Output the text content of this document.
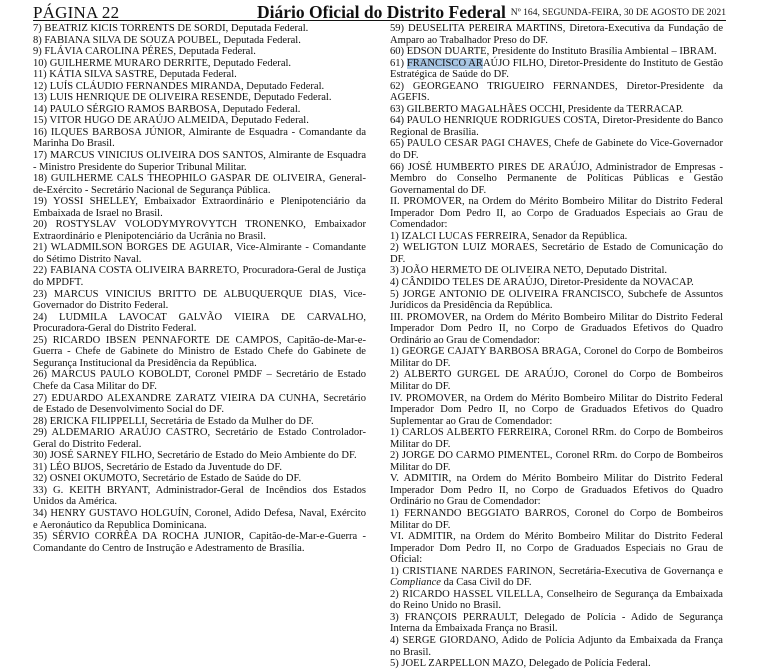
PÁGINA 22	Diário Oficial do Distrito Federal Nº 164, SEGUNDA-FEIRA, 30 DE AGOSTO DE 2021

7) BEATRIZ KICIS TORRENTS DE SORDI, Deputada Federal.

8) FABIANA SILVA DE SOUZA POUBEL, Deputada Federal.

9) FLÁVIA CAROLINA PÉRES, Deputada Federal.

10) GUILHERME MURARO DERRITE, Deputado Federal.

11) KÁTIA SILVA SASTRE, Deputada Federal.

12) LUÍS CLÁUDIO FERNANDES MIRANDA, Deputado Federal.

13) LUIS HENRIQUE DE OLIVEIRA RESENDE, Deputado Federal.

14) PAULO SÉRGIO RAMOS BARBOSA, Deputado Federal.

15) VITOR HUGO DE ARAÚJO ALMEIDA, Deputado Federal.

16) ILQUES BARBOSA JÚNIOR, Almirante de Esquadra - Comandante da Marinha Do Brasil.

17) MARCUS VINICIUS OLIVEIRA DOS SANTOS, Almirante de Esquadra - Ministro Presidente do Superior Tribunal Militar.

18) GUILHERME CALS THEOPHILO GASPAR DE OLIVEIRA, General-de-Exército - Secretário Nacional de Segurança Pública.

19) YOSSI SHELLEY, Embaixador Extraordinário e Plenipotenciário da Embaixada de Israel no Brasil.

20) ROSTYSLAV VOLODYMYROVYTCH TRONENKO, Embaixador Extraordinário e Plenipotenciário da Ucrânia no Brasil.

21) WLADMILSON BORGES DE AGUIAR, Vice-Almirante - Comandante do Sétimo Distrito Naval.

22) FABIANA COSTA OLIVEIRA BARRETO, Procuradora-Geral de Justiça do MPDFT.

23) MARCUS VINICIUS BRITTO DE ALBUQUERQUE DIAS, Vice-Governador do Distrito Federal.

24) LUDMILA LAVOCAT GALVÃO VIEIRA DE CARVALHO, Procuradora-Geral do Distrito Federal.

25) RICARDO IBSEN PENNAFORTE DE CAMPOS, Capitão-de-Mar-e-Guerra - Chefe de Gabinete do Ministro de Estado Chefe do Gabinete de Segurança Institucional da Presidência da República.

26) MARCUS PAULO KOBOLDT, Coronel PMDF – Secretário de Estado Chefe da Casa Militar do DF.

27) EDUARDO ALEXANDRE ZARATZ VIEIRA DA CUNHA, Secretário de Estado de Desenvolvimento Social do DF.

28) ERICKA FILIPPELLI, Secretária de Estado da Mulher do DF.

29) ALDEMARIO ARAÚJO CASTRO, Secretário de Estado Controlador-Geral do Distrito Federal.

30) JOSÉ SARNEY FILHO, Secretário de Estado do Meio Ambiente do DF.

31) LÉO BIJOS, Secretário de Estado da Juventude do DF.

32) OSNEI OKUMOTO, Secretário de Estado de Saúde do DF.

33) G. KEITH BRYANT, Administrador-Geral de Incêndios dos Estados Unidos da América.

34) HENRY GUSTAVO HOLGUÍN, Coronel, Adido Defesa, Naval, Exército e Aeronáutico da Republica Dominicana.

35) SÉRVIO CORRÊA DA ROCHA JUNIOR, Capitão-de-Mar-e-Guerra - Comandante do Centro de Instrução e Adestramento de Brasília.

59) DEUSELITA PEREIRA MARTINS, Diretora-Executiva da Fundação de Amparo ao Trabalhador Preso do DF.

60) EDSON DUARTE, Presidente do Instituto Brasília Ambiental – IBRAM.

61) FRANCISCO ARAÚJO FILHO, Diretor-Presidente do Instituto de Gestão Estratégica de Saúde do DF.

62) GEORGEANO TRIGUEIRO FERNANDES, Diretor-Presidente da AGEFIS.

63) GILBERTO MAGALHÃES OCCHI, Presidente da TERRACAP.

64) PAULO HENRIQUE RODRIGUES COSTA, Diretor-Presidente do Banco Regional de Brasília.

65) PAULO CESAR PAGI CHAVES, Chefe de Gabinete do Vice-Governador do DF.

66) JOSÉ HUMBERTO PIRES DE ARAÚJO, Administrador de Empresas - Membro do Conselho Permanente de Políticas Públicas e Gestão Governamental do DF.

II. PROMOVER, na Ordem do Mérito Bombeiro Militar do Distrito Federal Imperador Dom Pedro II, ao Corpo de Graduados Especiais ao Grau de Comendador:

1) IZALCI LUCAS FERREIRA, Senador da República.

2) WELIGTON LUIZ MORAES, Secretário de Estado de Comunicação do DF.

3) JOÃO HERMETO DE OLIVEIRA NETO, Deputado Distrital.

4) CÂNDIDO TELES DE ARAÚJO, Diretor-Presidente da NOVACAP.

5) JORGE ANTONIO DE OLIVEIRA FRANCISCO, Subchefe de Assuntos Jurídicos da Presidência da República.

III. PROMOVER, na Ordem do Mérito Bombeiro Militar do Distrito Federal Imperador Dom Pedro II, no Corpo de Graduados Efetivos do Quadro Ordinário ao Grau de Comendador:

1) GEORGE CAJATY BARBOSA BRAGA, Coronel do Corpo de Bombeiros Militar do DF.

2) ALBERTO GURGEL DE ARAÚJO, Coronel do Corpo de Bombeiros Militar do DF.

IV. PROMOVER, na Ordem do Mérito Bombeiro Militar do Distrito Federal Imperador Dom Pedro II, no Corpo de Graduados Efetivos do Quadro Suplementar ao Grau de Comendador:

1) CARLOS ALBERTO FERREIRA, Coronel RRm. do Corpo de Bombeiros Militar do DF.

2) JORGE DO CARMO PIMENTEL, Coronel RRm. do Corpo de Bombeiros Militar do DF.

V. ADMITIR, na Ordem do Mérito Bombeiro Militar do Distrito Federal Imperador Dom Pedro II, no Corpo de Graduados Efetivos do Quadro Ordinário no Grau de Comendador:

1) FERNANDO BEGGIATO BARROS, Coronel do Corpo de Bombeiros Militar do DF.

VI. ADMITIR, na Ordem do Mérito Bombeiro Militar do Distrito Federal Imperador Dom Pedro II, no Corpo de Graduados Especiais no Grau de Oficial:

1) CRISTIANE NARDES FARINON, Secretária-Executiva de Governança e Compliance da Casa Civil do DF.

2) RICARDO HASSEL VILELLA, Conselheiro de Segurança da Embaixada do Reino Unido no Brasil.

3) FRANÇOIS PERRAULT, Delegado de Polícia - Adido de Segurança Interna da Embaixada França no Brasil.

4) SERGE GIORDANO, Adido de Polícia Adjunto da Embaixada da França no Brasil.

5) JOEL ZARPELLON MAZO, Delegado de Polícia Federal.
